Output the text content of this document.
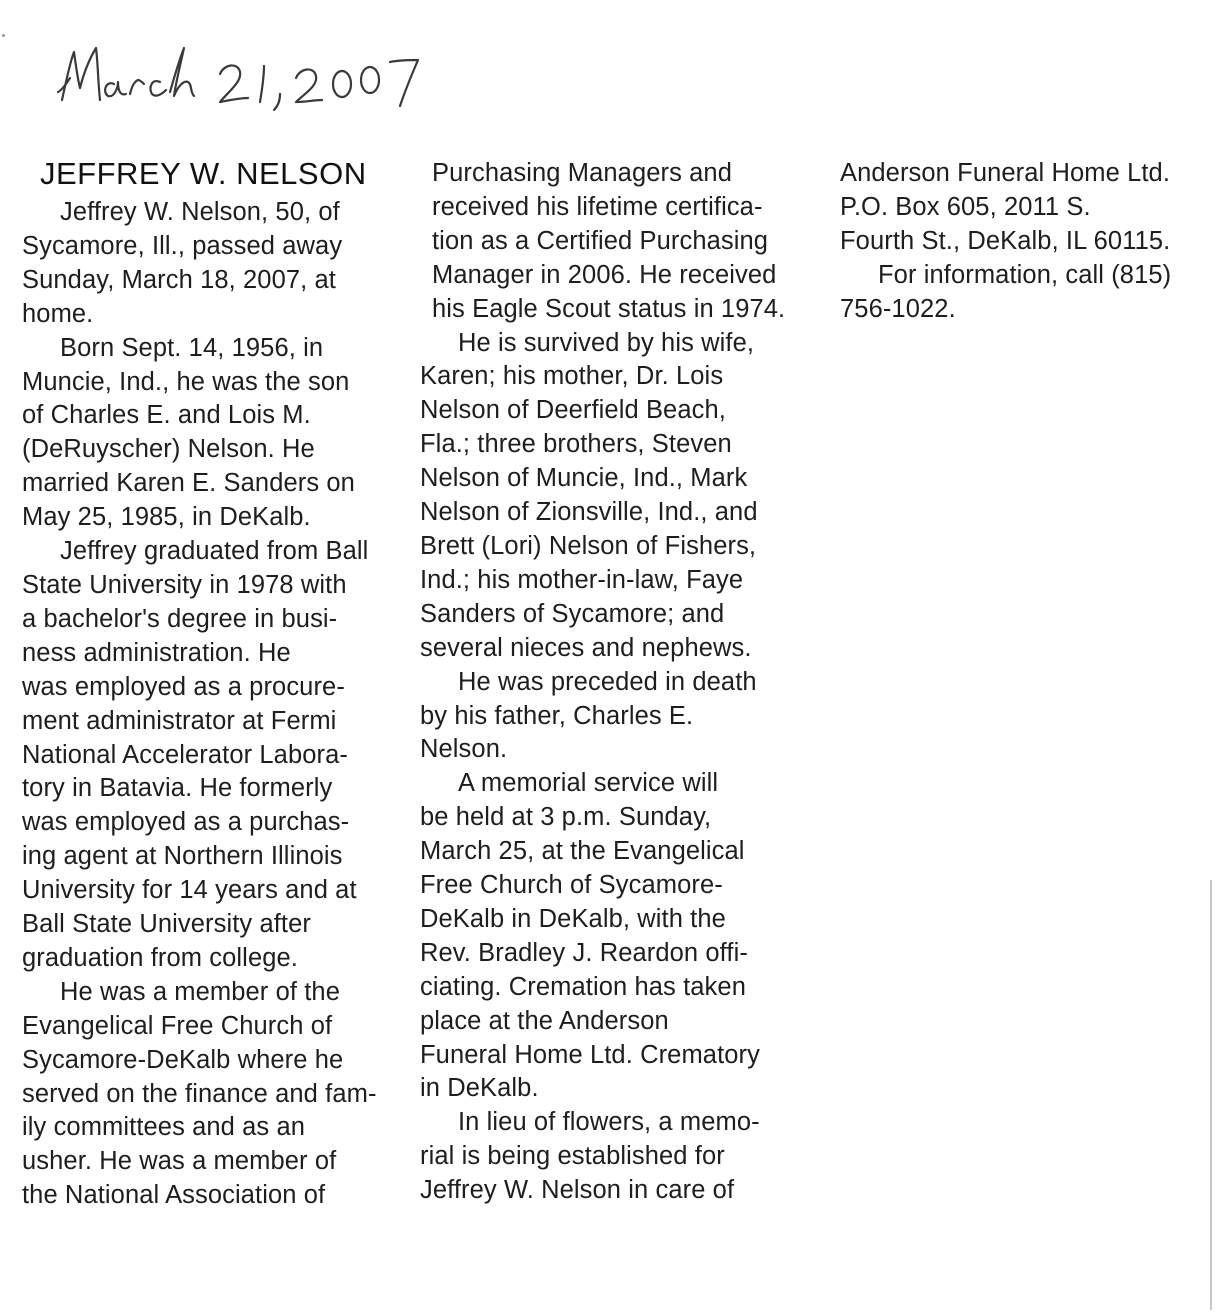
JEFFREY W. NELSON
Jeffrey W. Nelson, 50, of
Sycamore, Ill., passed away
Sunday, March 18, 2007, at
home.
Born Sept. 14, 1956, in
Muncie, Ind., he was the son
of Charles E. and Lois M.
(DeRuyscher) Nelson. He
married Karen E. Sanders on
May 25, 1985, in DeKalb.
Jeffrey graduated from Ball
State University in 1978 with
a bachelor's degree in busi-
ness administration. He
was employed as a procure-
ment administrator at Fermi
National Accelerator Labora-
tory in Batavia. He formerly
was employed as a purchas-
ing agent at Northern Illinois
University for 14 years and at
Ball State University after
graduation from college.
He was a member of the
Evangelical Free Church of
Sycamore-DeKalb where he
served on the finance and fam-
ily committees and as an
usher. He was a member of
the National Association of
Purchasing Managers and
received his lifetime certifica-
tion as a Certified Purchasing
Manager in 2006. He received
his Eagle Scout status in 1974.
He is survived by his wife,
Karen; his mother, Dr. Lois
Nelson of Deerfield Beach,
Fla.; three brothers, Steven
Nelson of Muncie, Ind., Mark
Nelson of Zionsville, Ind., and
Brett (Lori) Nelson of Fishers,
Ind.; his mother-in-law, Faye
Sanders of Sycamore; and
several nieces and nephews.
He was preceded in death
by his father, Charles E.
Nelson.
A memorial service will
be held at 3 p.m. Sunday,
March 25, at the Evangelical
Free Church of Sycamore-
DeKalb in DeKalb, with the
Rev. Bradley J. Reardon offi-
ciating. Cremation has taken
place at the Anderson
Funeral Home Ltd. Crematory
in DeKalb.
In lieu of flowers, a memo-
rial is being established for
Jeffrey W. Nelson in care of
Anderson Funeral Home Ltd.
P.O. Box 605, 2011 S.
Fourth St., DeKalb, IL 60115.
For information, call (815)
756-1022.
